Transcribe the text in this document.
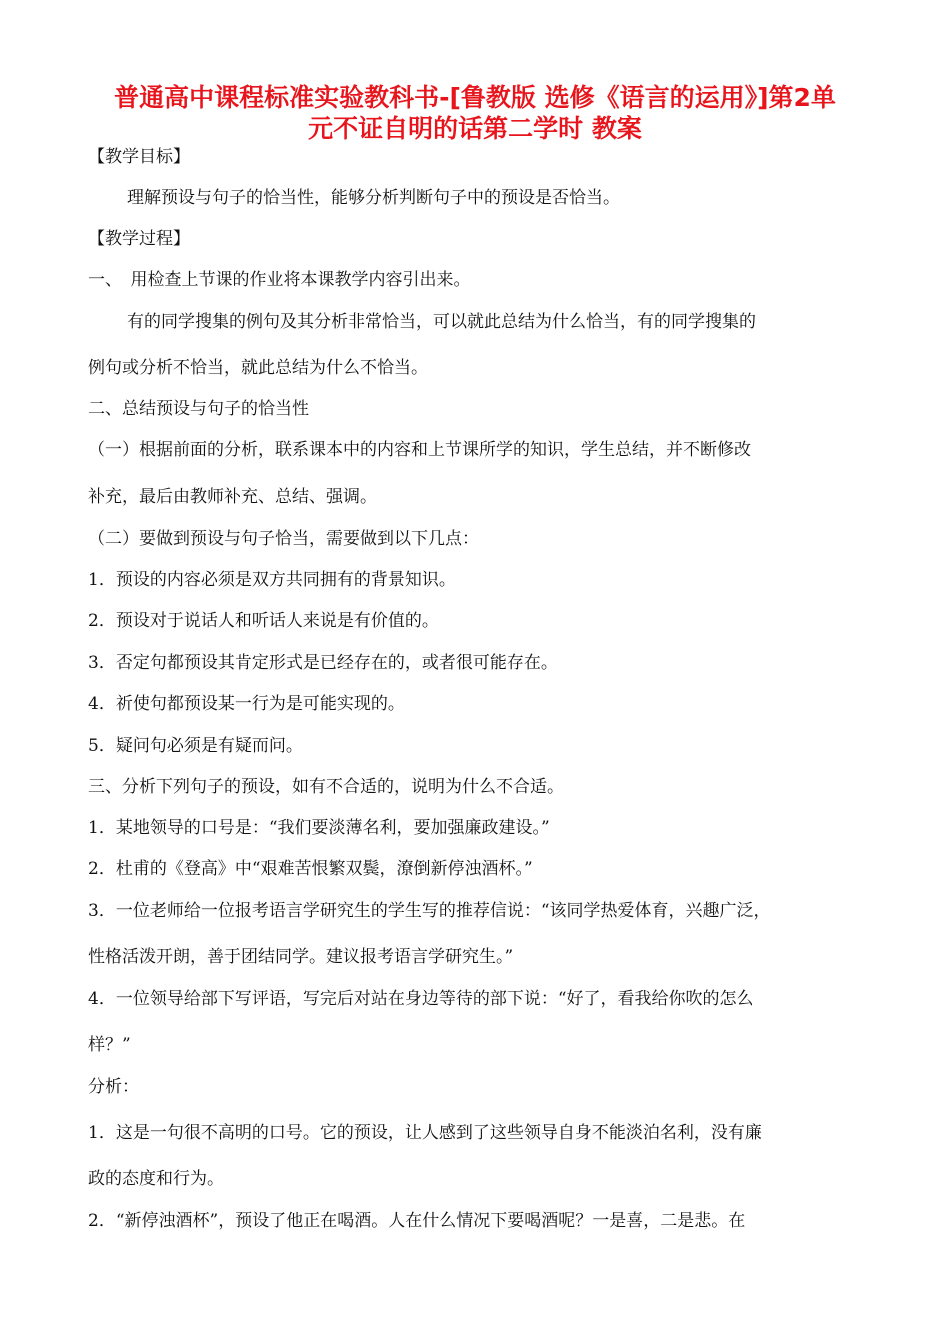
普通高中课程标准实验教科书-[鲁教版 选修《语言的运用》]第2单
元不证自明的话第二学时 教案
【教学目标】
理解预设与句子的恰当性，能够分析判断句子中的预设是否恰当。
【教学过程】
一、　用检查上节课的作业将本课教学内容引出来。
有的同学搜集的例句及其分析非常恰当，可以就此总结为什么恰当，有的同学搜集的
例句或分析不恰当，就此总结为什么不恰当。
二、总结预设与句子的恰当性
（一）根据前面的分析，联系课本中的内容和上节课所学的知识，学生总结，并不断修改
补充，最后由教师补充、总结、强调。
（二）要做到预设与句子恰当，需要做到以下几点：
1．预设的内容必须是双方共同拥有的背景知识。
2．预设对于说话人和听话人来说是有价值的。
3．否定句都预设其肯定形式是已经存在的，或者很可能存在。
4．祈使句都预设某一行为是可能实现的。
5．疑问句必须是有疑而问。
三、分析下列句子的预设，如有不合适的，说明为什么不合适。
1．某地领导的口号是：“我们要淡薄名利，要加强廉政建设。”
2．杜甫的《登高》中“艰难苦恨繁双鬓，潦倒新停浊酒杯。”
3．一位老师给一位报考语言学研究生的学生写的推荐信说：“该同学热爱体育，兴趣广泛，
性格活泼开朗，善于团结同学。建议报考语言学研究生。”
4．一位领导给部下写评语，写完后对站在身边等待的部下说：“好了，看我给你吹的怎么
样？”
分析：
1．这是一句很不高明的口号。它的预设，让人感到了这些领导自身不能淡泊名利，没有廉
政的态度和行为。
2．“新停浊酒杯”，预设了他正在喝酒。人在什么情况下要喝酒呢？一是喜，二是悲。在
